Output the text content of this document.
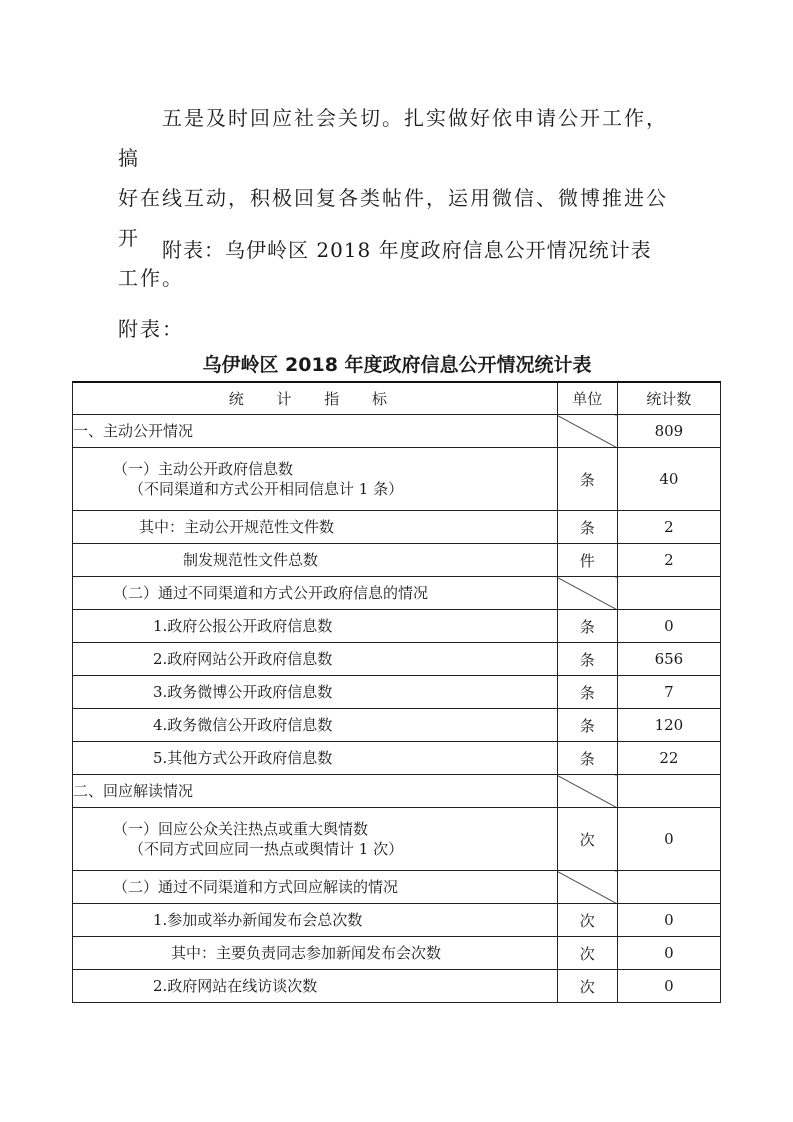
五是及时回应社会关切。扎实做好依申请公开工作，搞
好在线互动，积极回复各类帖件，运用微信、微博推进公开
工作。

附表：乌伊岭区 2018 年度政府信息公开情况统计表
附表：
乌伊岭区 2018 年度政府信息公开情况统计表
统 计 指 标	单位	统计数
一、主动公开情况		809
（一）主动公开政府信息数
（不同渠道和方式公开相同信息计 1 条）	条	40
其中：主动公开规范性文件数	条	2
制发规范性文件总数	件	2
（二）通过不同渠道和方式公开政府信息的情况		
1.政府公报公开政府信息数	条	0
2.政府网站公开政府信息数	条	656
3.政务微博公开政府信息数	条	7
4.政务微信公开政府信息数	条	120
5.其他方式公开政府信息数	条	22
二、回应解读情况		
（一）回应公众关注热点或重大舆情数
（不同方式回应同一热点或舆情计 1 次）	次	0
（二）通过不同渠道和方式回应解读的情况		
1.参加或举办新闻发布会总次数	次	0
其中：主要负责同志参加新闻发布会次数	次	0
2.政府网站在线访谈次数	次	0
